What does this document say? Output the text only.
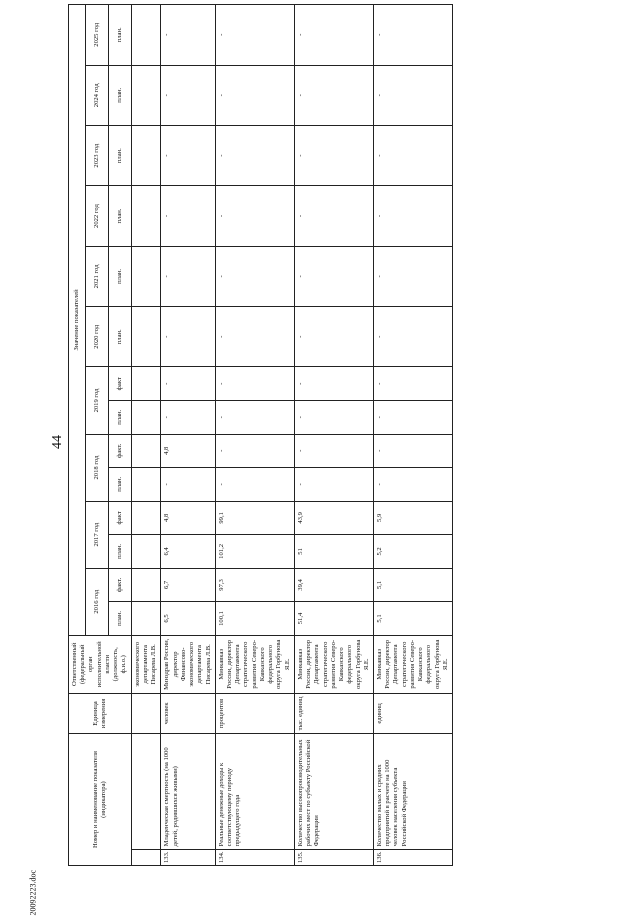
44
20092223.doc
Номер и наименование показателя (индикатора)		Единица измерения	Ответственный (федеральный орган исполнительной власти (должность, ф.и.о.)	Значение показателей													
				2016 год		2017 год		2018 год		2019 год		2020 год	2021 год	2022 год	2023 год	2024 год	2025 год
				план.	факт.	план.	факт	план.	факт.	план.	факт	план.	план.	план.	план.	план.	план.
			экономического департамента Писарева Л.В.														
133.	Младенческая смертность (на 1000 детей, родившихся живыми)	человек	Минздрав России, директор Финансово-экономического департамента Писарева Л.В.	6,5	6,7	6,4	4,8	-	4,8	-	-	-	-	-	-	-	-
134.	Реальные денежные доходы к соответствующему периоду предыдущего года	процентов	Минкавказ России, директор Департамента стратегического развития Северо-Кавказского федерального округа Горбунова Я.Е.	100,1	97,3	101,2	99,1	-	-	-	-	-	-	-	-	-	-
135.	Количество высокопроизводительных рабочих мест по субъекту Российской Федерации	тыс. единиц	Минкавказ России, директор Департамента стратегического развития Северо-Кавказского федерального округа Горбунова Я.Е.	51,4	39,4	51	43,9	-	-	-	-	-	-	-	-	-	-
136.	Количество малых и средних предприятий в расчете на 1000 человек населения субъекта Российской Федерации	единиц	Минкавказ России, директор Департамента стратегического развития Северо-Кавказского федерального округа Горбунова Я.Е.	5,1	5,1	5,2	5,9	-	-	-	-	-	-	-	-	-	-
